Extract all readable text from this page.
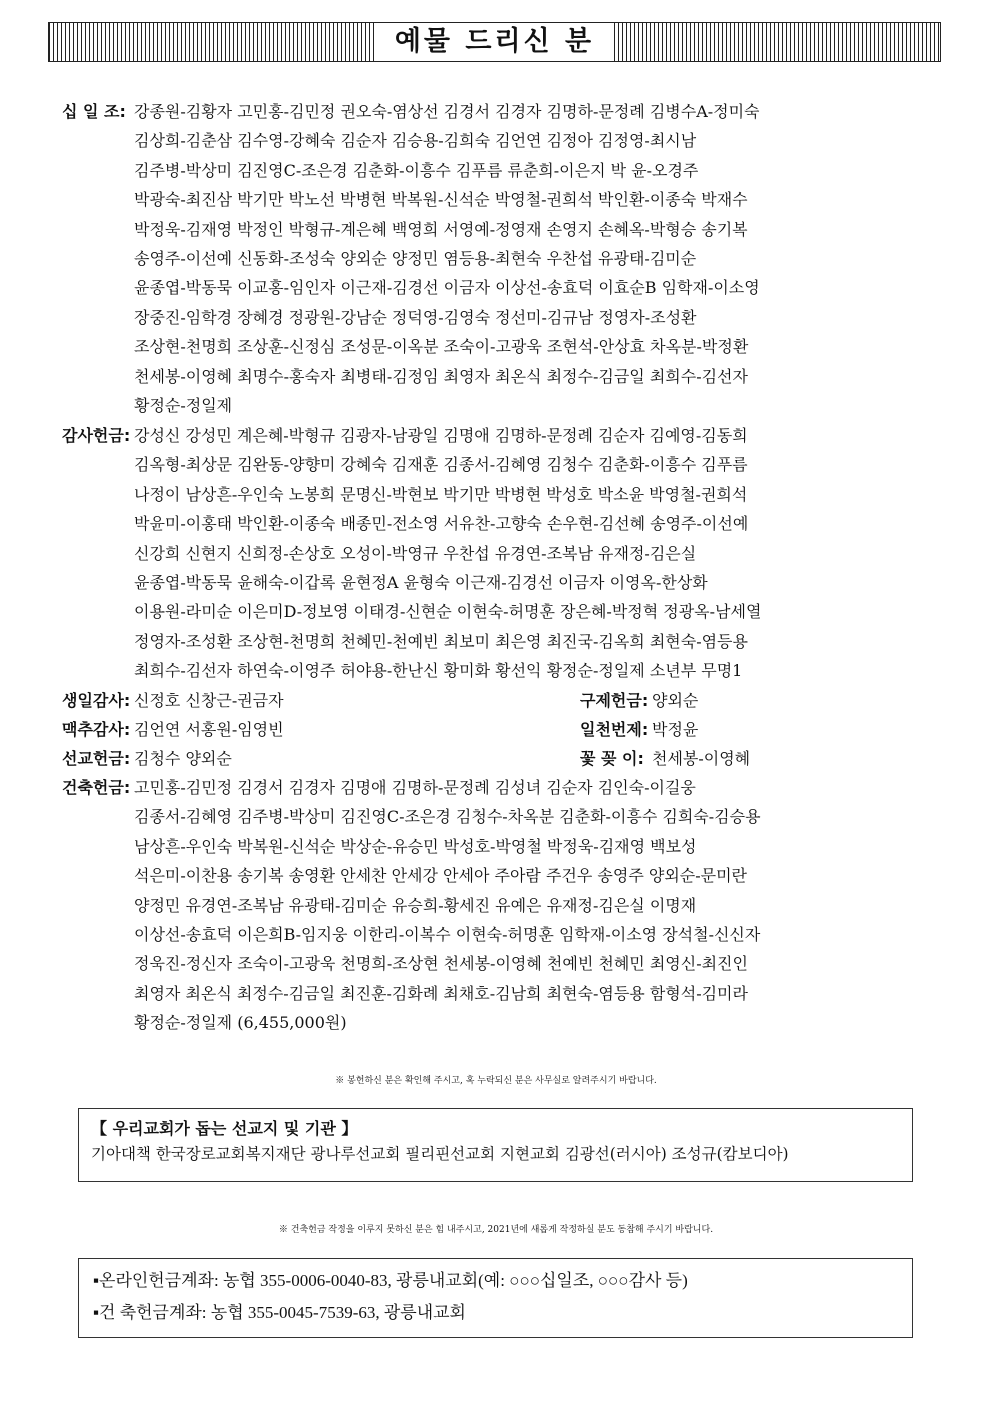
예물 드리신 분
십 일 조: 강종원-김황자 고민홍-김민정 권오숙-염상선 김경서 김경자 김명하-문정례 김병수A-정미숙
김상희-김춘삼 김수영-강혜숙 김순자 김승용-김희숙 김언연 김정아 김정영-최시남
김주병-박상미 김진영C-조은경 김춘화-이흥수 김푸름 류춘희-이은지 박 윤-오경주
박광숙-최진삼 박기만 박노선 박병현 박복원-신석순 박영철-권희석 박인환-이종숙 박재수
박정욱-김재영 박정인 박형규-계은혜 백영희 서영예-정영재 손영지 손혜옥-박형승 송기복
송영주-이선예 신동화-조성숙 양외순 양정민 염등용-최현숙 우찬섭 유광태-김미순
윤종엽-박동묵 이교홍-임인자 이근재-김경선 이금자 이상선-송효덕 이효순B 임학재-이소영
장중진-임학경 장혜경 정광원-강남순 정덕영-김영숙 정선미-김규남 정영자-조성환
조상현-천명희 조상훈-신정심 조성문-이옥분 조숙이-고광욱 조현석-안상효 차옥분-박정환
천세봉-이영혜 최명수-홍숙자 최병태-김정임 최영자 최온식 최정수-김금일 최희수-김선자
황정순-정일제
감사헌금: 강성신 강성민 계은혜-박형규 김광자-남광일 김명애 김명하-문정례 김순자 김예영-김동희
김옥형-최상문 김완동-양향미 강혜숙 김재훈 김종서-김혜영 김청수 김춘화-이흥수 김푸름
나정이 남상흔-우인숙 노봉희 문명신-박현보 박기만 박병현 박성호 박소윤 박영철-권희석
박윤미-이홍태 박인환-이종숙 배종민-전소영 서유찬-고향숙 손우현-김선혜 송영주-이선예
신강희 신현지 신희정-손상호 오성이-박영규 우찬섭 유경연-조복남 유재정-김은실
윤종엽-박동묵 윤해숙-이갑록 윤현정A 윤형숙 이근재-김경선 이금자 이영옥-한상화
이용원-라미순 이은미D-정보영 이태경-신현순 이현숙-허명훈 장은혜-박정혁 정광옥-남세열
정영자-조성환 조상현-천명희 천혜민-천예빈 최보미 최은영 최진국-김옥희 최현숙-염등용
최희수-김선자 하연숙-이영주 허야용-한난신 황미화 황선익 황정순-정일제 소년부 무명1
생일감사: 신정호 신창근-권금자	구제헌금: 양외순
맥추감사: 김언연 서홍원-임영빈	일천번제: 박정윤
선교헌금: 김청수 양외순	꽃 꽂 이: 천세봉-이영혜
건축헌금: 고민홍-김민정 김경서 김경자 김명애 김명하-문정례 김성녀 김순자 김인숙-이길웅
김종서-김혜영 김주병-박상미 김진영C-조은경 김청수-차옥분 김춘화-이흥수 김희숙-김승용
남상흔-우인숙 박복원-신석순 박상순-유승민 박성호-박영철 박정욱-김재영 백보성
석은미-이찬용 송기복 송영환 안세찬 안세강 안세아 주아람 주건우 송영주 양외순-문미란
양정민 유경연-조복남 유광태-김미순 유승희-황세진 유예은 유재정-김은실 이명재
이상선-송효덕 이은희B-임지웅 이한리-이복수 이현숙-허명훈 임학재-이소영 장석철-신신자
정욱진-정신자 조숙이-고광욱 천명희-조상현 천세봉-이영혜 천예빈 천혜민 최영신-최진인
최영자 최온식 최정수-김금일 최진훈-김화례 최채호-김남희 최현숙-염등용 함형석-김미라
황정순-정일제 (6,455,000원)
※ 봉헌하신 분은 확인해 주시고, 혹 누락되신 분은 사무실로 알려주시기 바랍니다.
【 우리교회가 돕는 선교지 및 기관 】
기아대책 한국장로교회복지재단 광나루선교회 필리핀선교회 지현교회 김광선(러시아) 조성규(캄보디아)
※ 건축헌금 작정을 이루지 못하신 분은 힘 내주시고, 2021년에 새롭게 작정하실 분도 동참해 주시기 바랍니다.
▪온라인헌금계좌: 농협 355-0006-0040-83, 광릉내교회(예: ○○○십일조, ○○○감사 등)
▪건 축헌금계좌: 농협 355-0045-7539-63, 광릉내교회
